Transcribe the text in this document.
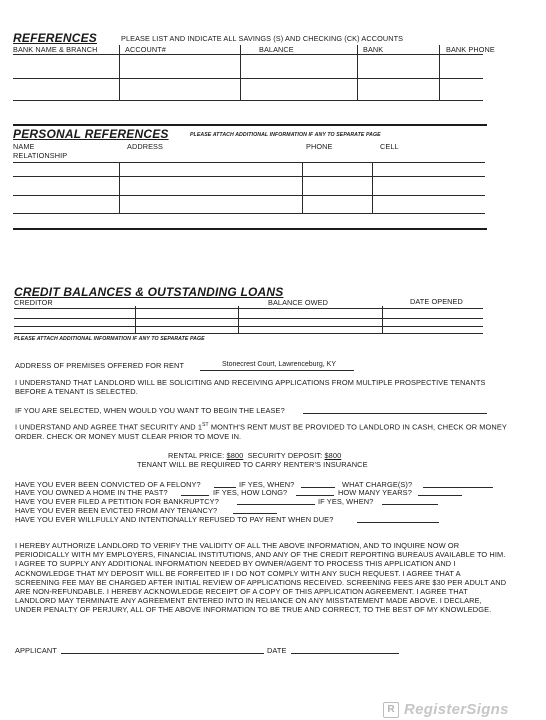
REFERENCES	PLEASE LIST AND INDICATE ALL SAVINGS (S) AND CHECKING (CK) ACCOUNTS
BANK NAME & BRANCH	ACCOUNT#	BALANCE	BANK	BANK PHONE
PERSONAL REFERENCES	PLEASE ATTACH ADDITIONAL INFORMATION IF ANY TO SEPARATE PAGE
NAME	ADDRESS	PHONE	CELL
RELATIONSHIP
CREDIT BALANCES & OUTSTANDING LOANS
CREDITOR	BALANCE OWED	DATE OPENED
PLEASE ATTACH ADDITIONAL INFORMATION IF ANY TO SEPARATE PAGE
ADDRESS OF PREMISES OFFERED FOR RENT	Stonecrest Court, Lawrenceburg, KY
I UNDERSTAND THAT LANDLORD WILL BE SOLICITING AND RECEIVING APPLICATIONS FROM MULTIPLE PROSPECTIVE TENANTS BEFORE A TENANT IS SELECTED.
IF YOU ARE SELECTED, WHEN WOULD YOU WANT TO BEGIN THE LEASE?
I UNDERSTAND AND AGREE THAT SECURITY AND 1ST MONTH'S RENT MUST BE PROVIDED TO LANDLORD IN CASH, CHECK OR MONEY ORDER. CHECK OR MONEY MUST CLEAR PRIOR TO MOVE IN.
RENTAL PRICE: $800 SECURITY DEPOSIT: $800
TENANT WILL BE REQUIRED TO CARRY RENTER'S INSURANCE
HAVE YOU EVER BEEN CONVICTED OF A FELONY?	IF YES, WHEN?	WHAT CHARGE(S)?
HAVE YOU OWNED A HOME IN THE PAST?	IF YES, HOW LONG?	HOW MANY YEARS?
HAVE YOU EVER FILED A PETITION FOR BANKRUPTCY?	IF YES, WHEN?
HAVE YOU EVER BEEN EVICTED FROM ANY TENANCY?
HAVE YOU EVER WILLFULLY AND INTENTIONALLY REFUSED TO PAY RENT WHEN DUE?
I HEREBY AUTHORIZE LANDLORD TO VERIFY THE VALIDITY OF ALL THE ABOVE INFORMATION, AND TO INQUIRE NOW OR PERIODICALLY WITH MY EMPLOYERS, FINANCIAL INSTITUTIONS, AND ANY OF THE CREDIT REPORTING BUREAUS AVAILABLE TO HIM. I AGREE TO SUPPLY ANY ADDITIONAL INFORMATION NEEDED BY OWNER/AGENT TO PROCESS THIS APPLICATION AND I ACKNOWLEDGE THAT MY DEPOSIT WILL BE FORFEITED IF I DO NOT COMPLY WITH ANY SUCH REQUEST. I AGREE THAT A SCREENING FEE MAY BE CHARGED AFTER INITIAL REVIEW OF APPLICATIONS RECEIVED. SCREENING FEES ARE $30 PER ADULT AND ARE NON-REFUNDABLE. I HEREBY ACKNOWLEDGE RECEIPT OF A COPY OF THIS APPLICATION AGREEMENT. I AGREE THAT LANDLORD MAY TERMINATE ANY AGREEMENT ENTERED INTO IN RELIANCE ON ANY MISSTATEMENT MADE ABOVE. I DECLARE, UNDER PENALTY OF PERJURY, ALL OF THE ABOVE INFORMATION TO BE TRUE AND CORRECT, TO THE BEST OF MY KNOWLEDGE.
APPLICANT	DATE
R RegisterSigns
